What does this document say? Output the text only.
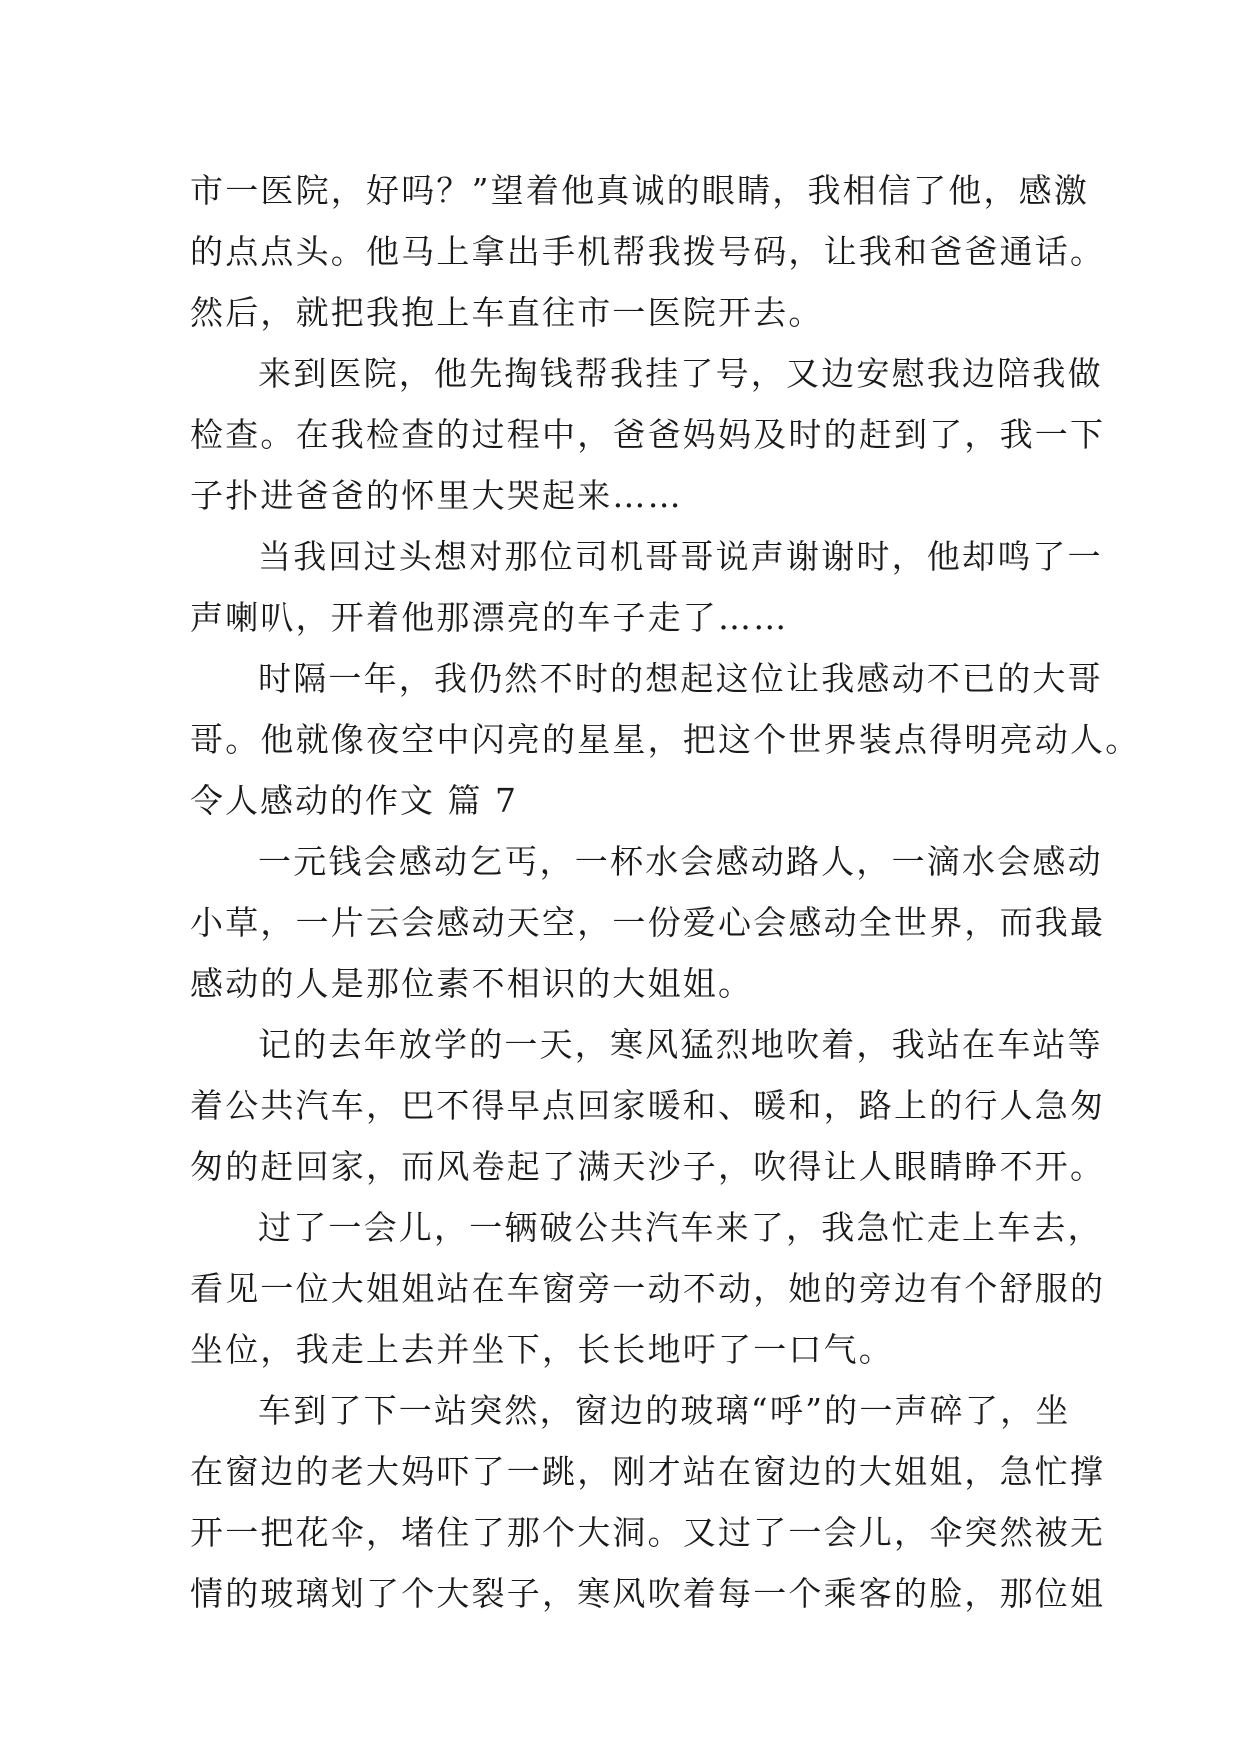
市一医院，好吗？”望着他真诚的眼睛，我相信了他，感激
的点点头。他马上拿出手机帮我拨号码，让我和爸爸通话。
然后，就把我抱上车直往市一医院开去。
来到医院，他先掏钱帮我挂了号，又边安慰我边陪我做
检查。在我检查的过程中，爸爸妈妈及时的赶到了，我一下
子扑进爸爸的怀里大哭起来……
当我回过头想对那位司机哥哥说声谢谢时，他却鸣了一
声喇叭，开着他那漂亮的车子走了……
时隔一年，我仍然不时的想起这位让我感动不已的大哥
哥。他就像夜空中闪亮的星星，把这个世界装点得明亮动人。
令人感动的作文 篇 7
一元钱会感动乞丐，一杯水会感动路人，一滴水会感动
小草，一片云会感动天空，一份爱心会感动全世界，而我最
感动的人是那位素不相识的大姐姐。
记的去年放学的一天，寒风猛烈地吹着，我站在车站等
着公共汽车，巴不得早点回家暖和、暖和，路上的行人急匆
匆的赶回家，而风卷起了满天沙子，吹得让人眼睛睁不开。
过了一会儿，一辆破公共汽车来了，我急忙走上车去，
看见一位大姐姐站在车窗旁一动不动，她的旁边有个舒服的
坐位，我走上去并坐下，长长地吁了一口气。
车到了下一站突然，窗边的玻璃“呼”的一声碎了，坐
在窗边的老大妈吓了一跳，刚才站在窗边的大姐姐，急忙撑
开一把花伞，堵住了那个大洞。又过了一会儿，伞突然被无
情的玻璃划了个大裂子，寒风吹着每一个乘客的脸，那位姐
